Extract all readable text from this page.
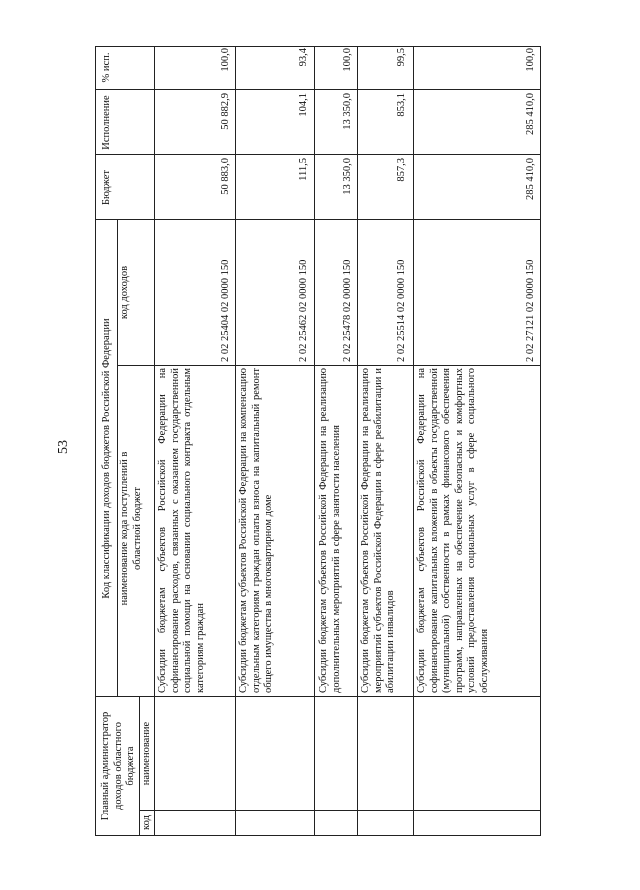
53
Главный администратор доходов областного бюджета
код
наименование
Код классификации доходов бюджетов Российской Федерации наименование кода поступлений в областной бюджет
код доходов
Бюджет
Исполнение
% исп.
Субсидии бюджетам субъектов Российской Федерации на софинансирование расходов, связанных с оказанием государственной социальной помощи на основании социального контракта отдельным категориям граждан
2 02 25404 02 0000 150
50 883,0
50 882,9
100,0
Субсидии бюджетам субъектов Российской Федерации на компенсацию отдельным категориям граждан оплаты взноса на капитальный ремонт общего имущества в многоквартирном доме
2 02 25462 02 0000 150
111,5
104,1
93,4
Субсидии бюджетам субъектов Российской Федерации на реализацию дополнительных мероприятий в сфере занятости населения
2 02 25478 02 0000 150
13 350,0
13 350,0
100,0
Субсидии бюджетам субъектов Российской Федерации на реализацию мероприятий субъектов Российской Федерации в сфере реабилитации и абилитации инвалидов
2 02 25514 02 0000 150
857,3
853,1
99,5
Субсидии бюджетам субъектов Российской Федерации на софинансирование капитальных вложений в объекты государственной (муниципальной) собственности в рамках финансового обеспечения программ, направленных на обеспечение безопасных и комфортных условий предоставления социальных услуг в сфере социального обслуживания
2 02 27121 02 0000 150
285 410,0
285 410,0
100,0
